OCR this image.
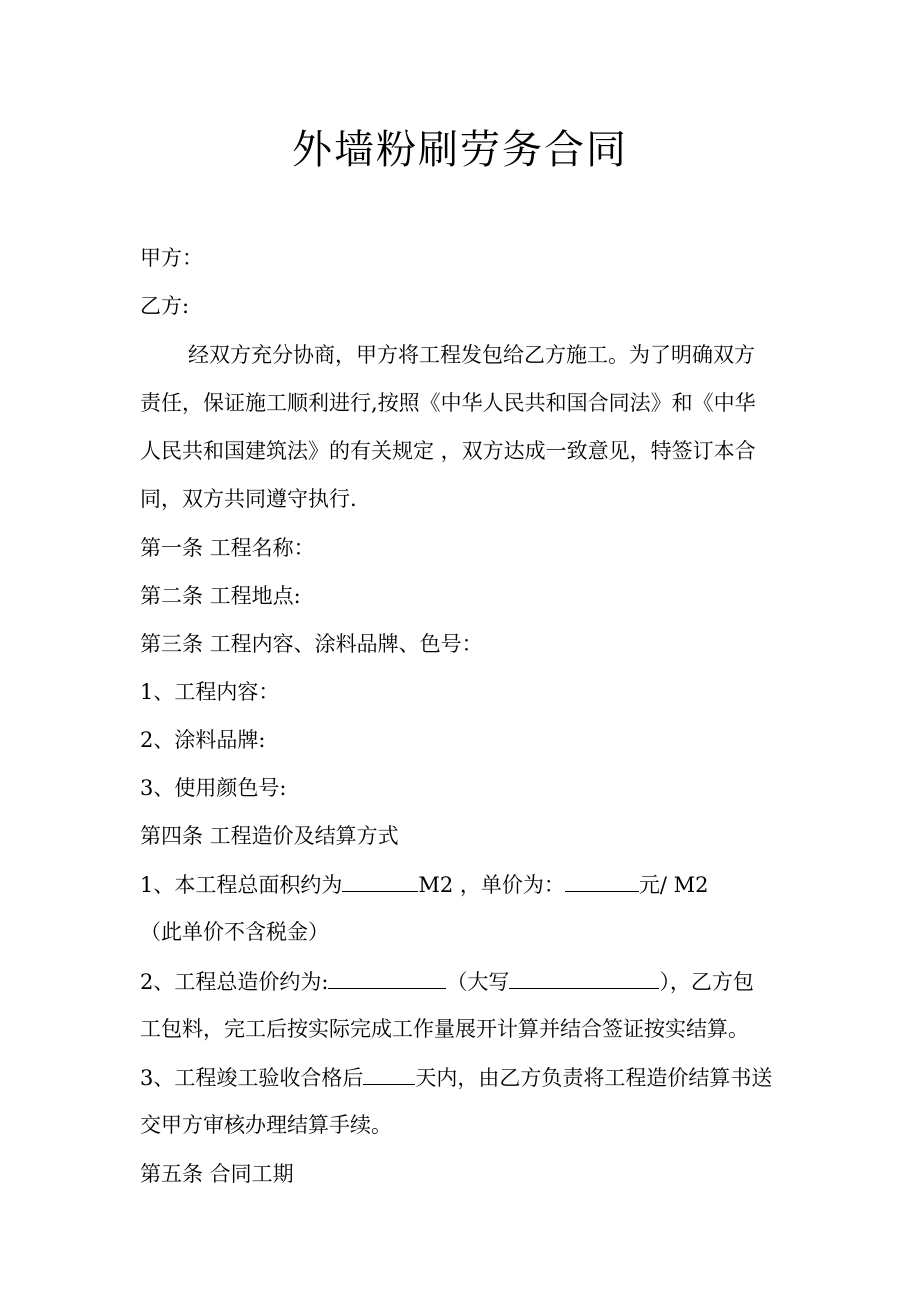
外墙粉刷劳务合同
甲方：
乙方:
经双方充分协商，甲方将工程发包给乙方施工。为了明确双方
责任，保证施工顺利进行,按照《中华人民共和国合同法》和《中华
人民共和国建筑法》的有关规定 ，双方达成一致意见，特签订本合
同，双方共同遵守执行.
第一条 工程名称：
第二条 工程地点:
第三条 工程内容、涂料品牌、色号：
1、工程内容：
2、涂料品牌:
3、使用颜色号:
第四条 工程造价及结算方式
1、本工程总面积约为	M2 ，单价为：	元/ M2
（此单价不含税金）
2、工程总造价约为:	（大写	），乙方包
工包料，完工后按实际完成工作量展开计算并结合签证按实结算。
3、工程竣工验收合格后 天内，由乙方负责将工程造价结算书送
交甲方审核办理结算手续。
第五条 合同工期
